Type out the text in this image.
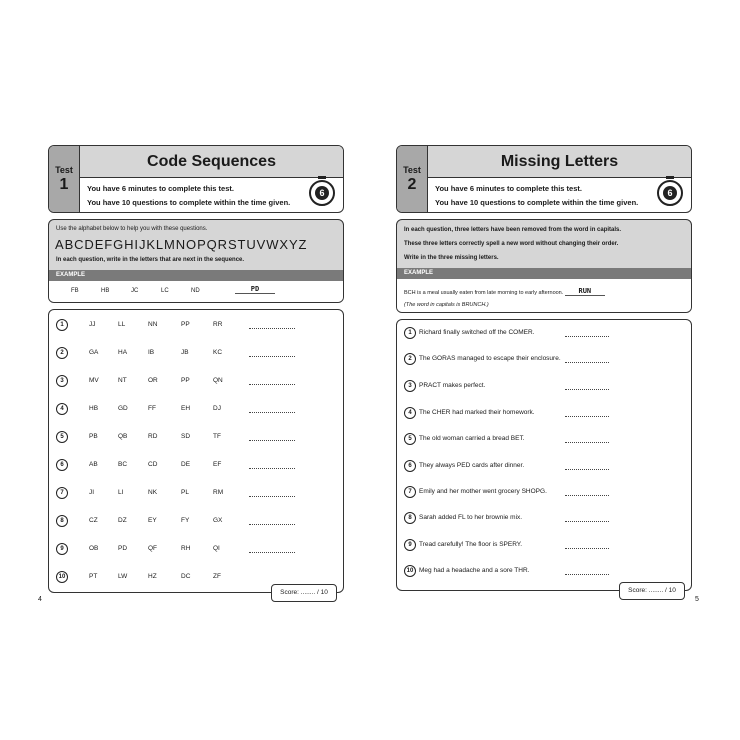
Test
1
Code Sequences
You have 6 minutes to complete this test.
You have 10 questions to complete within the time given.
6
Use the alphabet below to help you with these questions.
ABCDEFGHIJKLMNOPQRSTUVWXYZ
In each question, write in the letters that are next in the sequence.
EXAMPLE
FB	HB	JC	LC	ND	PD
1	JJ	LL	NN	PP	RR
2	GA	HA	IB	JB	KC
3	MV	NT	OR	PP	QN
4	HB	GD	FF	EH	DJ
5	PB	QB	RD	SD	TF
6	AB	BC	CD	DE	EF
7	JI	LI	NK	PL	RM
8	CZ	DZ	EY	FY	GX
9	OB	PD	QF	RH	QI
10	PT	LW	HZ	DC	ZF
Score: ........ / 10
4
Test
2
Missing Letters
You have 6 minutes to complete this test.
You have 10 questions to complete within the time given.
6
In each question, three letters have been removed from the word in capitals.
These three letters correctly spell a new word without changing their order.
Write in the three missing letters.
EXAMPLE
BCH is a meal usually eaten from late morning to early afternoon. RUN
(The word in capitals is BRUNCH.)
1	Richard finally switched off the COMER.
2	The GORAS managed to escape their enclosure.
3	PRACT makes perfect.
4	The CHER had marked their homework.
5	The old woman carried a bread BET.
6	They always PED cards after dinner.
7	Emily and her mother went grocery SHOPG.
8	Sarah added FL to her brownie mix.
9	Tread carefully! The floor is SPERY.
10 Meg had a headache and a sore THR.
Score: ........ / 10
5
